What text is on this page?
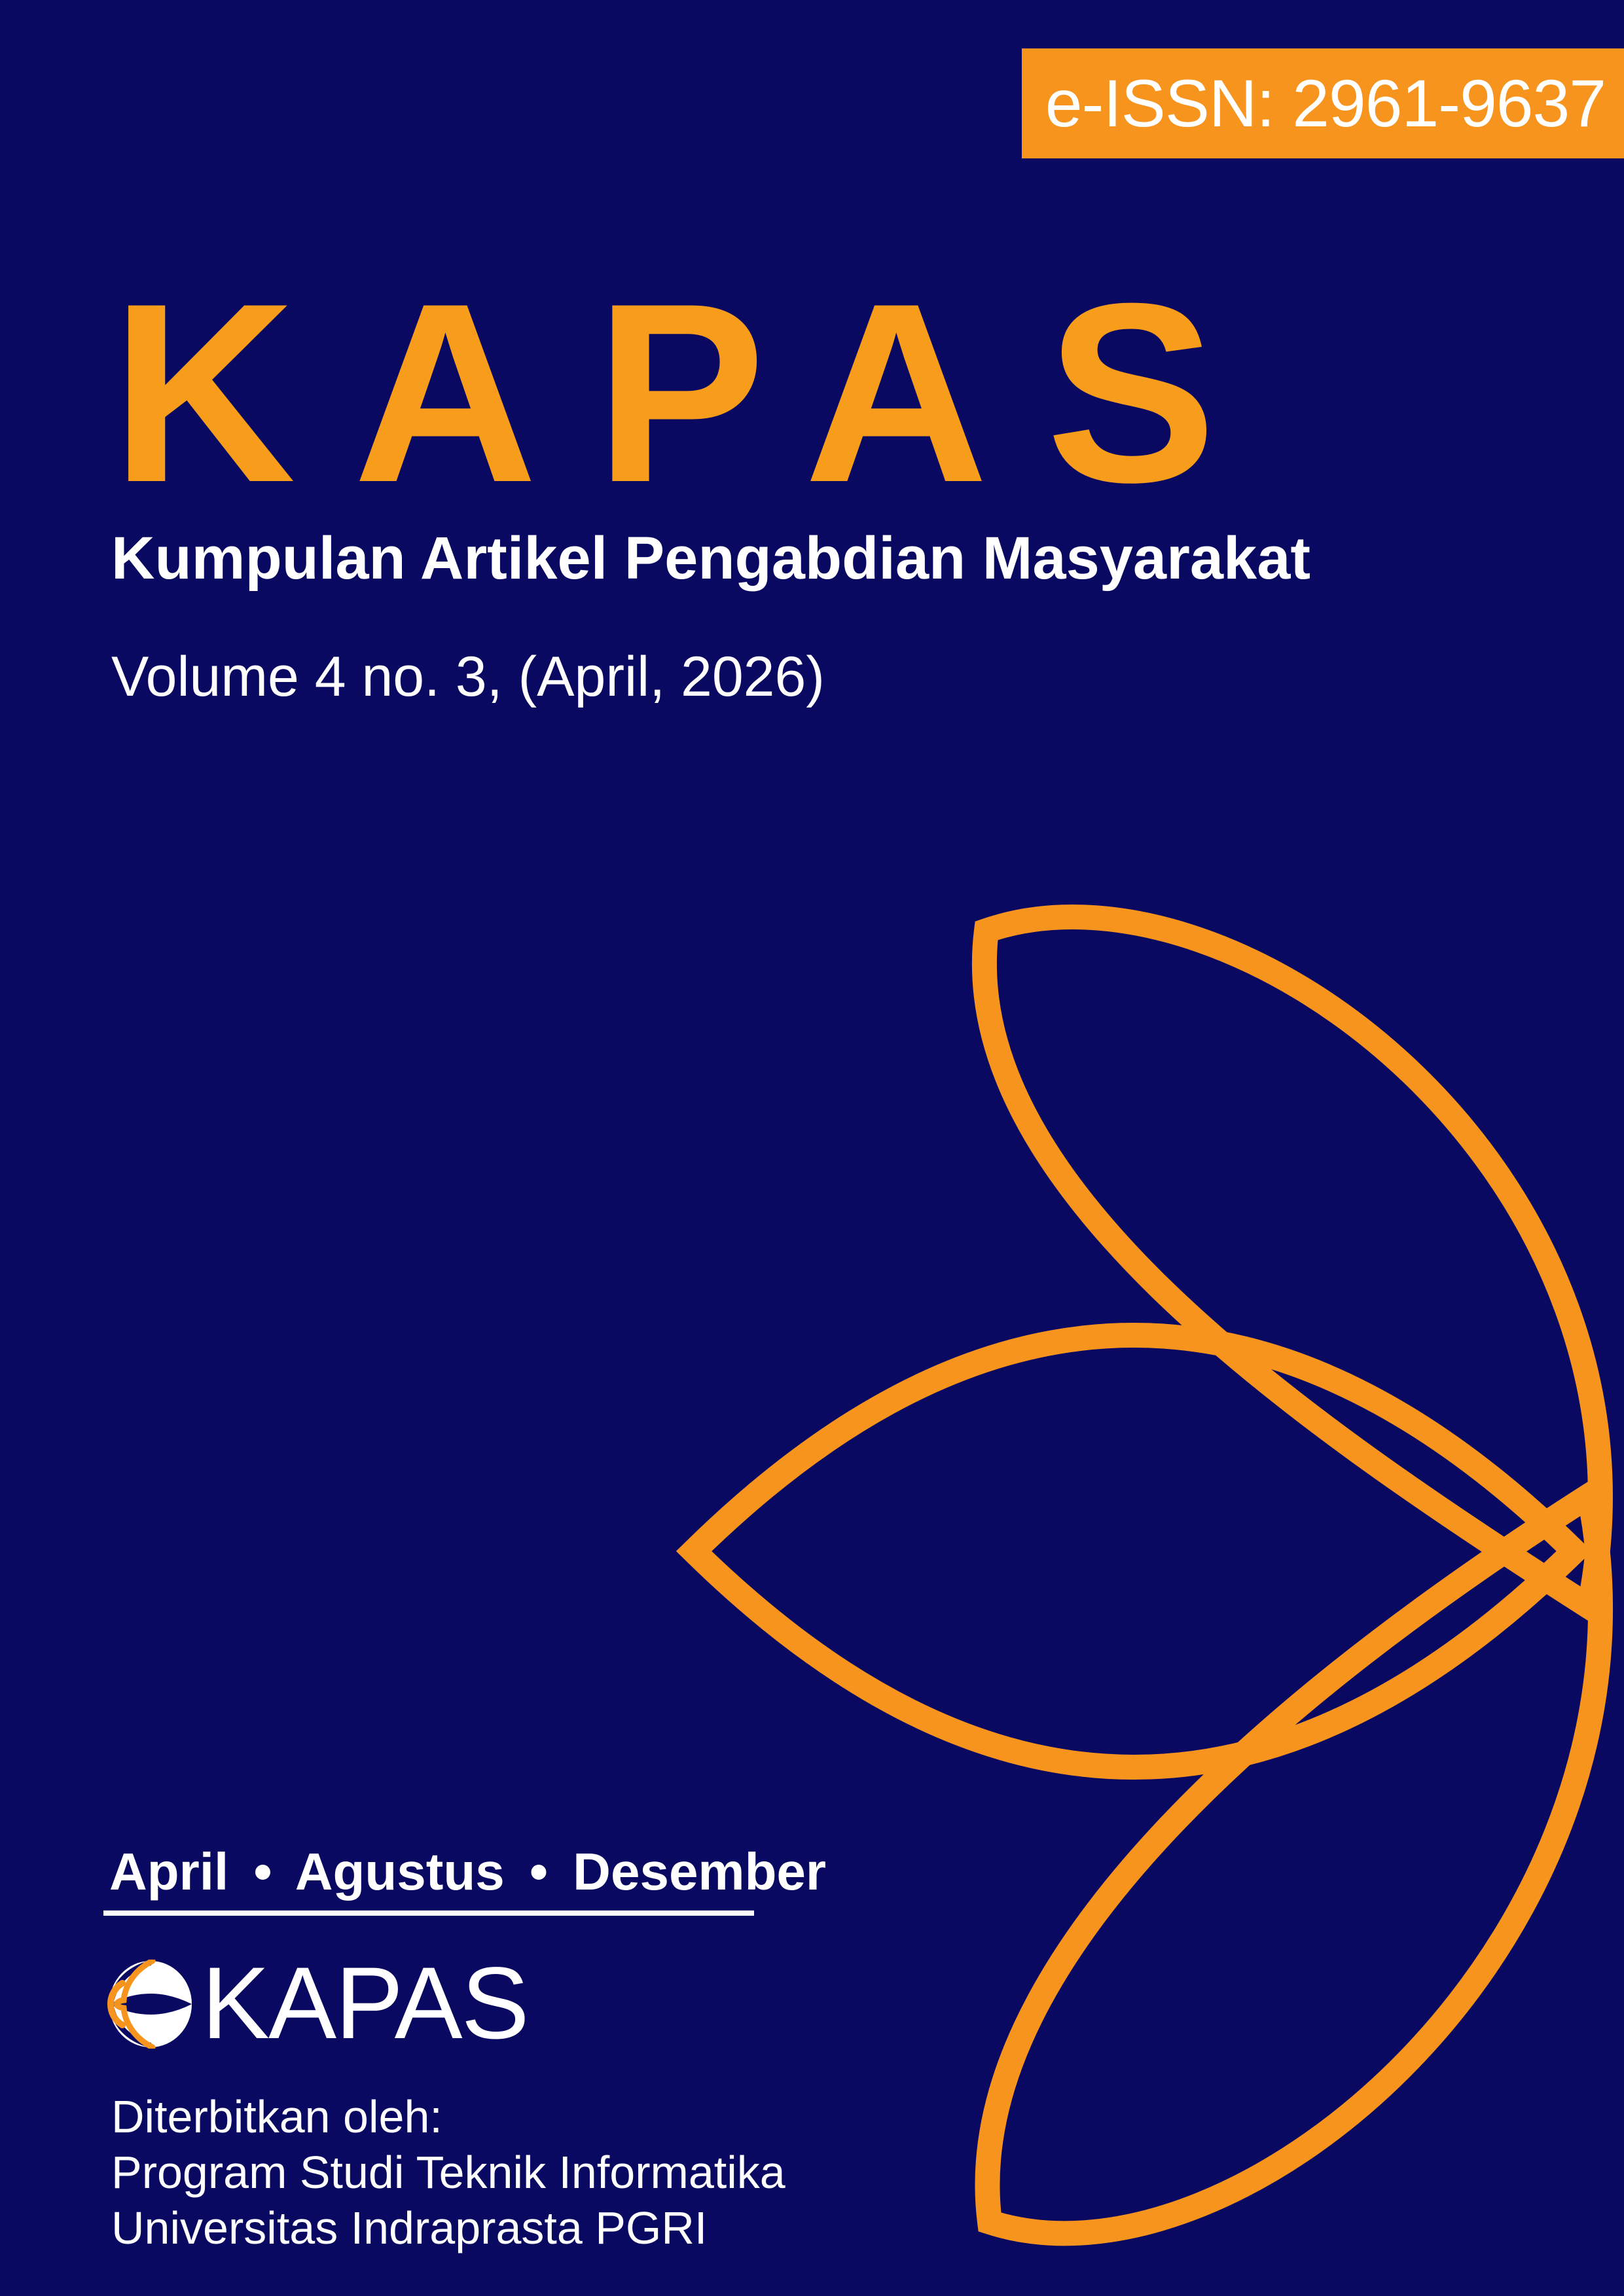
e-ISSN: 2961-9637
KAPAS
Kumpulan Artikel Pengabdian Masyarakat
Volume 4 no. 3, (April, 2026)
April • Agustus • Desember
KAPAS
Diterbitkan oleh:
Program Studi Teknik Informatika
Universitas Indraprasta PGRI
